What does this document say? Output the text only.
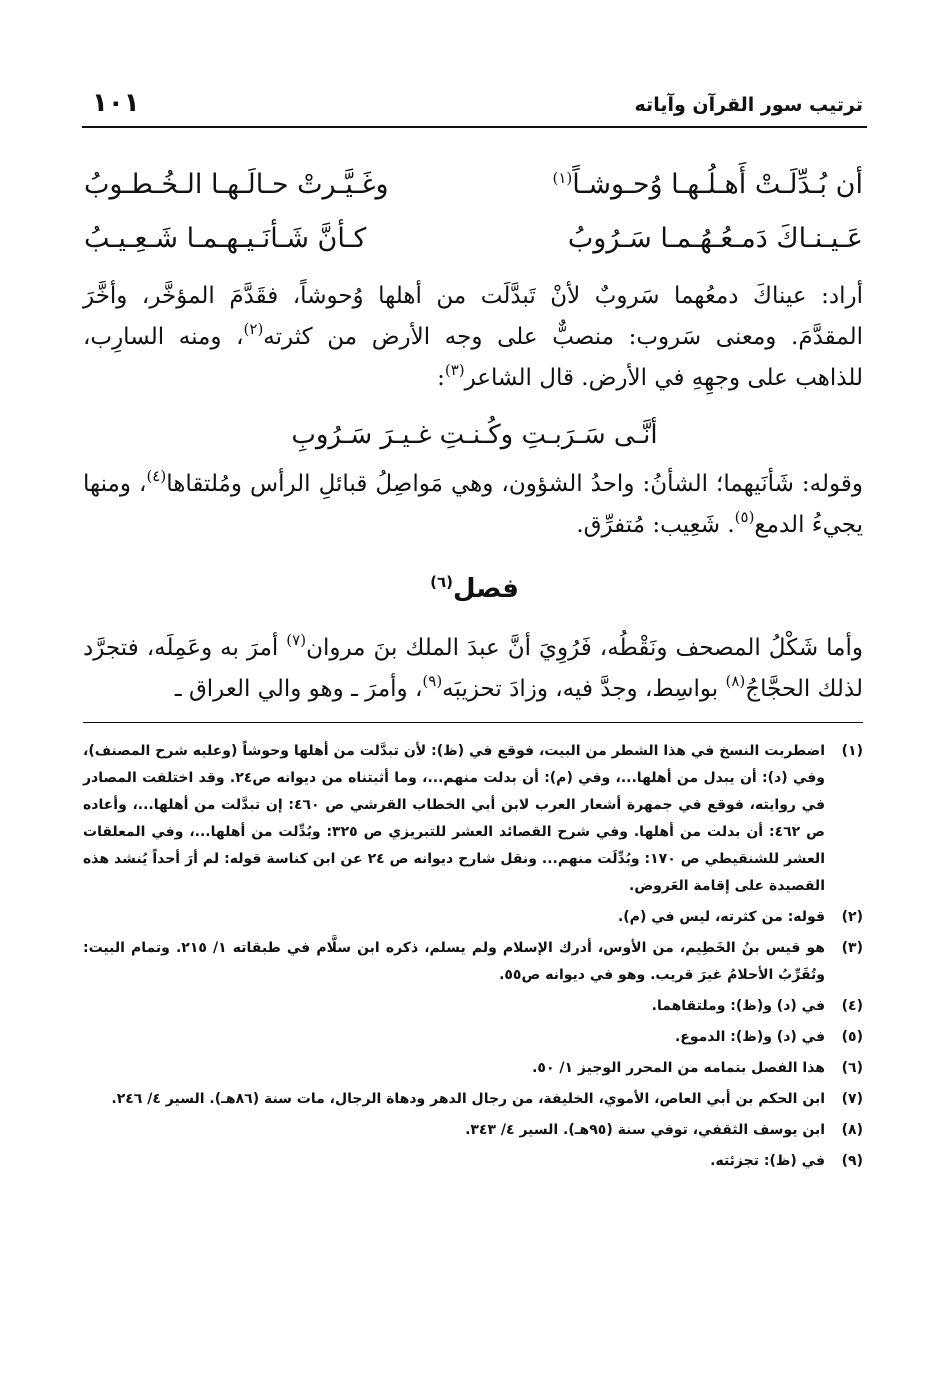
ترتيب سور القرآن وآياته
١٠١
أن بُـدِّلَـتْ أَهـلُـهـا وُحـوشـاً$^{(١)}$
وغَـيَّـرتْ حـالَـهـا الـخُـطـوبُ
عَـيـنـاكَ دَمـعُـهُـمـا سَـرُوبُ
كـأنَّ شَـأنَـيـهـمـا شَـعِـيـبُ
أراد: عيناكَ دمعُهما سَروبٌ لأنْ تَبدَّلَت من أهلها وُحوشاً، فقَدَّمَ المؤخَّر، وأخَّرَ المقدَّمَ. ومعنى سَروب: منصبٌّ على وجه الأرض من كثرته$^{(٢)}$، ومنه السارِب، للذاهب على وجهِهِ في الأرض. قال الشاعر$^{(٣)}$:
أنَّـى سَـرَبـتِ وكُـنـتِ غـيـرَ سَـرُوبِ
وقوله: شَأنَيهما؛ الشأنُ: واحدُ الشؤون، وهي مَواصِلُ قبائلِ الرأس ومُلتقاها$^{(٤)}$، ومنها يجيءُ الدمع$^{(٥)}$. شَعِيب: مُتفرِّق.
فصل$^{(٦)}$
وأما شَكْلُ المصحف ونَقْطُه، فَرُوِيَ أنَّ عبدَ الملك بنَ مروان$^{(٧)}$ أمرَ به وعَمِلَه، فتجرَّد لذلك الحجَّاجُ$^{(٨)}$ بواسِط، وجدَّ فيه، وزادَ تحزيبَه$^{(٩)}$، وأمرَ ـ وهو والي العراق ـ
(١)
اضطربت النسخ في هذا الشطر من البيت، فوقع في (ظ): لأن تبدَّلت من أهلها وحوشاً (وعليه شرح المصنف)، وفي (د): أن يبدل من أهلها...، وفي (م): أن بدلت منهم...، وما أثبتناه من ديوانه ص٢٤. وقد اختلفت المصادر في روايته، فوقع في جمهرة أشعار العرب لابن أبي الخطاب القرشي ص ٤٦٠: إن تبدَّلت من أهلها...، وأعاده ص ٤٦٢: أن بدلت من أهلها. وفي شرح القصائد العشر للتبريزي ص ٣٢٥: وبُدِّلت من أهلها...، وفي المعلقات العشر للشنقيطي ص ١٧٠: وبُدِّلَت منهم... ونقل شارح ديوانه ص ٢٤ عن ابن كناسة قوله: لم أرَ أحداً يُنشد هذه القصيدة على إقامة العَروض.
(٢)
قوله: من كثرته، ليس في (م).
(٣)
هو قيس بنُ الخَطِيم، من الأوس، أدرك الإسلام ولم يسلم، ذكره ابن سلَّام في طبقاته ١/ ٢١٥. وتمام البيت: وتُقَرِّبُ الأحلامُ غيرَ قريب. وهو في ديوانه ص٥٥.
(٤)
في (د) و(ظ): وملتقاهما.
(٥)
في (د) و(ظ): الدموع.
(٦)
هذا الفصل بتمامه من المحرر الوجيز ١/ ٥٠.
(٧)
ابن الحكم بن أبي العاص، الأموي، الخليفة، من رجال الدهر ودهاة الرجال، مات سنة (٨٦هـ). السير ٤/ ٢٤٦.
(٨)
ابن يوسف الثقفي، توفي سنة (٩٥هـ). السير ٤/ ٣٤٣.
(٩)
في (ظ): تجزئته.
